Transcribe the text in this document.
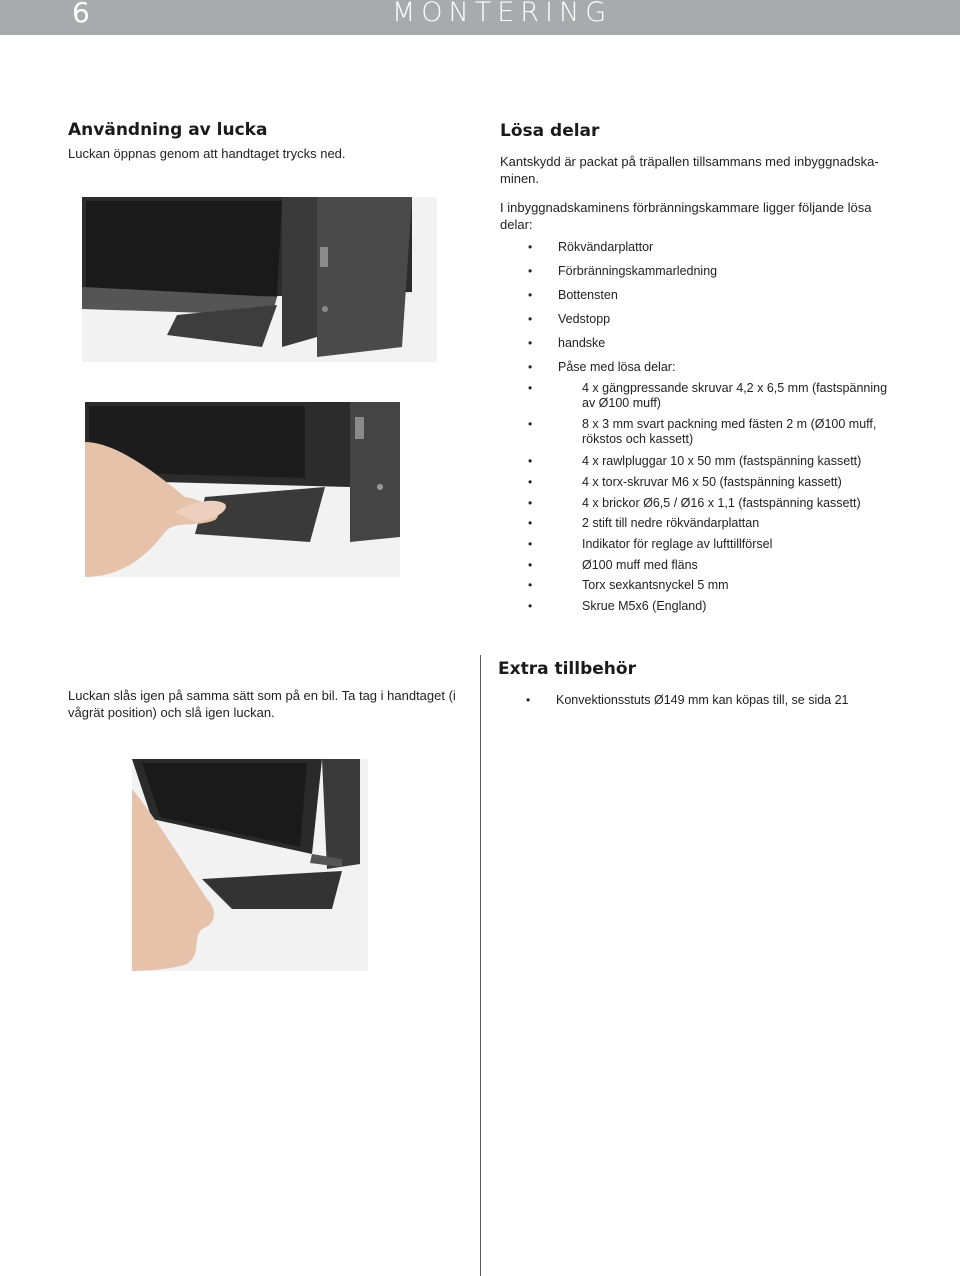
6	MONTERING
Användning av lucka

Luckan öppnas genom att handtaget trycks ned.

Luckan slås igen på samma sätt som på en bil. Ta tag i handtaget (i vågrät position) och slå igen luckan.

Lösa delar

Kantskydd är packat på träpallen tillsammans med inbyggnadska-minen.

I inbyggnadskaminens förbränningskammare ligger följande lösa delar:

• Rökvändarplattor
• Förbränningskammarledning
• Bottensten
• Vedstopp
• handske
• Påse med lösa delar:
•	4 x gängpressande skruvar 4,2 x 6,5 mm (fastspänning av Ø100 muff)
•	8 x 3 mm svart packning med fästen 2 m (Ø100 muff, rökstos och kassett)
•	4 x rawlpluggar 10 x 50 mm (fastspänning kassett)
•	4 x torx-skruvar M6 x 50 (fastspänning kassett)
•	4 x brickor Ø6,5 / Ø16 x 1,1 (fastspänning kassett)
•	2 stift till nedre rökvändarplattan
•	Indikator för reglage av lufttillförsel
•	Ø100 muff med fläns
•	Torx sexkantsnyckel 5 mm
•	Skrue M5x6 (England)
Extra tillbehör
• Konvektionsstuts Ø149 mm kan köpas till, se sida 21
